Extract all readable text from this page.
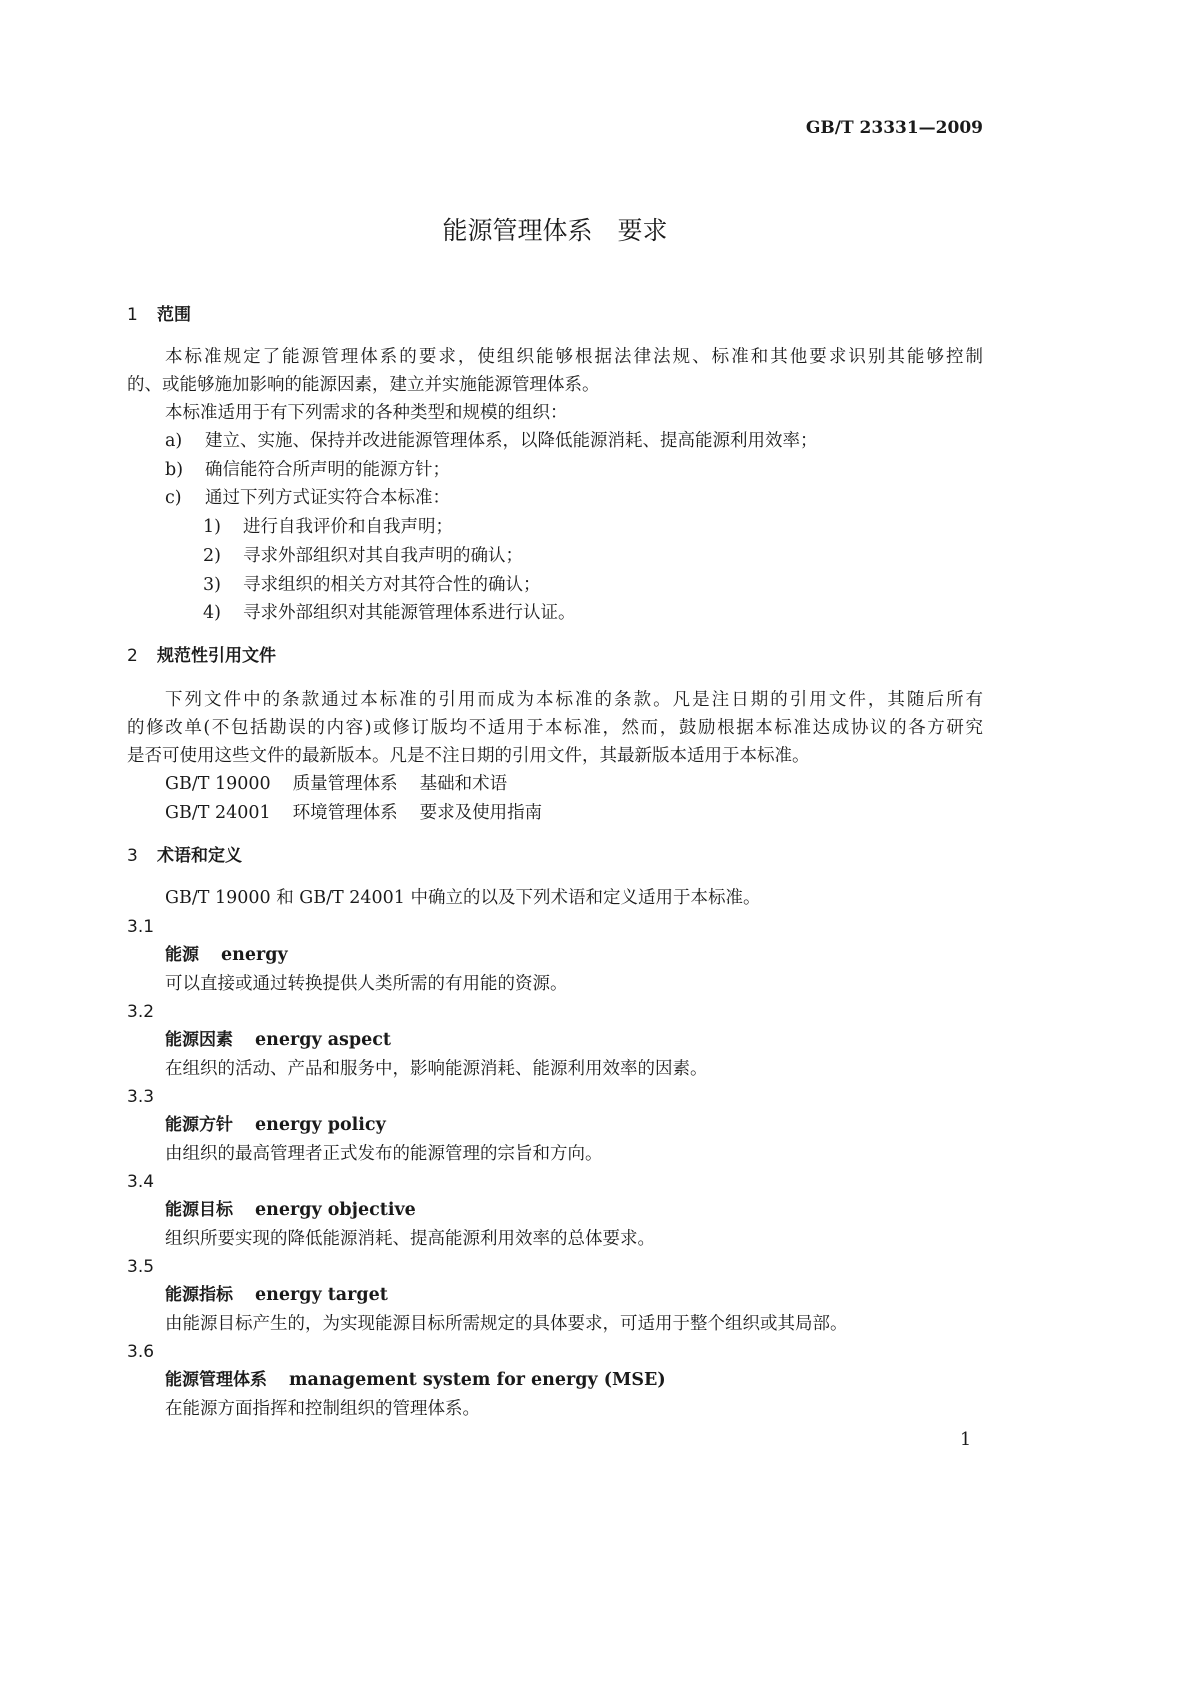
GB/T 23331—2009
能源管理体系　要求
1 范围
本标准规定了能源管理体系的要求，使组织能够根据法律法规、标准和其他要求识别其能够控制
的、或能够施加影响的能源因素，建立并实施能源管理体系。
本标准适用于有下列需求的各种类型和规模的组织：
a) 建立、实施、保持并改进能源管理体系，以降低能源消耗、提高能源利用效率；
b) 确信能符合所声明的能源方针；
c) 通过下列方式证实符合本标准：
1) 进行自我评价和自我声明；
2) 寻求外部组织对其自我声明的确认；
3) 寻求组织的相关方对其符合性的确认；
4) 寻求外部组织对其能源管理体系进行认证。
2 规范性引用文件
下列文件中的条款通过本标准的引用而成为本标准的条款。凡是注日期的引用文件，其随后所有
的修改单(不包括勘误的内容)或修订版均不适用于本标准，然而，鼓励根据本标准达成协议的各方研究
是否可使用这些文件的最新版本。凡是不注日期的引用文件，其最新版本适用于本标准。
GB/T 19000 质量管理体系 基础和术语
GB/T 24001 环境管理体系 要求及使用指南
3 术语和定义
GB/T 19000 和 GB/T 24001 中确立的以及下列术语和定义适用于本标准。
3.1
能源 energy
可以直接或通过转换提供人类所需的有用能的资源。
3.2
能源因素 energy aspect
在组织的活动、产品和服务中，影响能源消耗、能源利用效率的因素。
3.3
能源方针 energy policy
由组织的最高管理者正式发布的能源管理的宗旨和方向。
3.4
能源目标 energy objective
组织所要实现的降低能源消耗、提高能源利用效率的总体要求。
3.5
能源指标 energy target
由能源目标产生的，为实现能源目标所需规定的具体要求，可适用于整个组织或其局部。
3.6
能源管理体系 management system for energy (MSE)
在能源方面指挥和控制组织的管理体系。
1
